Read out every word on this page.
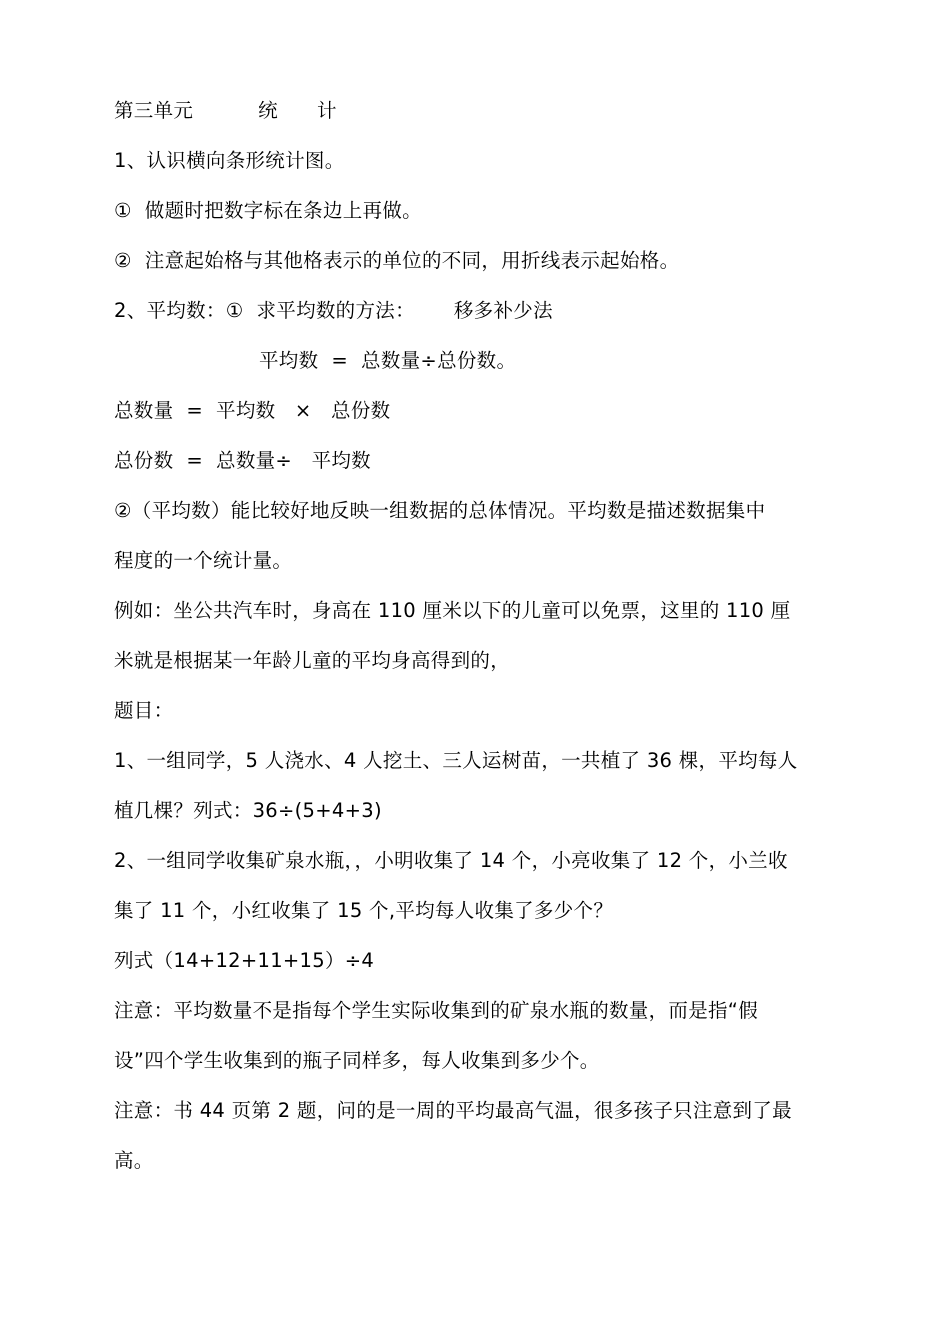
第三单元          统      计
1、认识横向条形统计图。
①  做题时把数字标在条边上再做。
②  注意起始格与其他格表示的单位的不同，用折线表示起始格。
2、平均数：①  求平均数的方法：      移多补少法
平均数  =  总数量÷总份数。
总数量  =  平均数   ×   总份数
总份数  =  总数量÷   平均数
②（平均数）能比较好地反映一组数据的总体情况。平均数是描述数据集中
程度的一个统计量。
例如：坐公共汽车时，身高在 110 厘米以下的儿童可以免票，这里的 110 厘
米就是根据某一年龄儿童的平均身高得到的，
题目：
1、一组同学，5 人浇水、4 人挖土、三人运树苗，一共植了 36 棵，平均每人
植几棵？列式：36÷(5+4+3)
2、一组同学收集矿泉水瓶，，小明收集了 14 个，小亮收集了 12 个，小兰收
集了 11 个，小红收集了 15 个,平均每人收集了多少个？
列式（14+12+11+15）÷4
注意：平均数量不是指每个学生实际收集到的矿泉水瓶的数量，而是指“假
设”四个学生收集到的瓶子同样多，每人收集到多少个。
注意：书 44 页第 2 题，问的是一周的平均最高气温，很多孩子只注意到了最
高。
